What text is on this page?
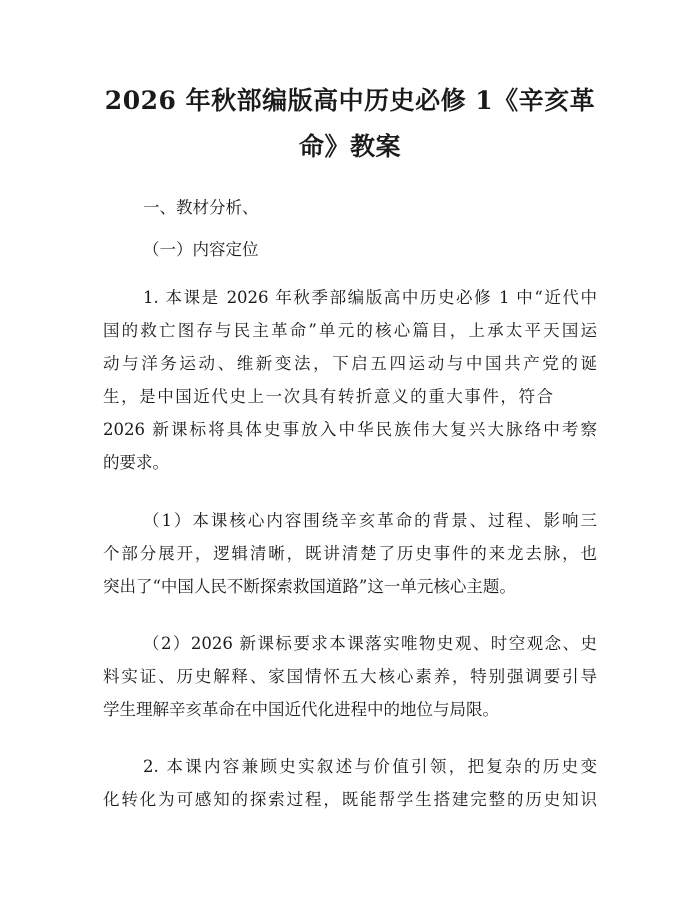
2026 年秋部编版高中历史必修 1《辛亥革
命》教案
一、教材分析、
（一）内容定位
1. 本课是 2026 年秋季部编版高中历史必修 1 中“近代中
国的救亡图存与民主革命”单元的核心篇目，上承太平天国运
动与洋务运动、维新变法，下启五四运动与中国共产党的诞
生，是中国近代史上一次具有转折意义的重大事件，符合
2026 新课标将具体史事放入中华民族伟大复兴大脉络中考察
的要求。
（1）本课核心内容围绕辛亥革命的背景、过程、影响三
个部分展开，逻辑清晰，既讲清楚了历史事件的来龙去脉，也
突出了“中国人民不断探索救国道路”这一单元核心主题。
（2）2026 新课标要求本课落实唯物史观、时空观念、史
料实证、历史解释、家国情怀五大核心素养，特别强调要引导
学生理解辛亥革命在中国近代化进程中的地位与局限。
2. 本课内容兼顾史实叙述与价值引领，把复杂的历史变
化转化为可感知的探索过程，既能帮学生搭建完整的历史知识
